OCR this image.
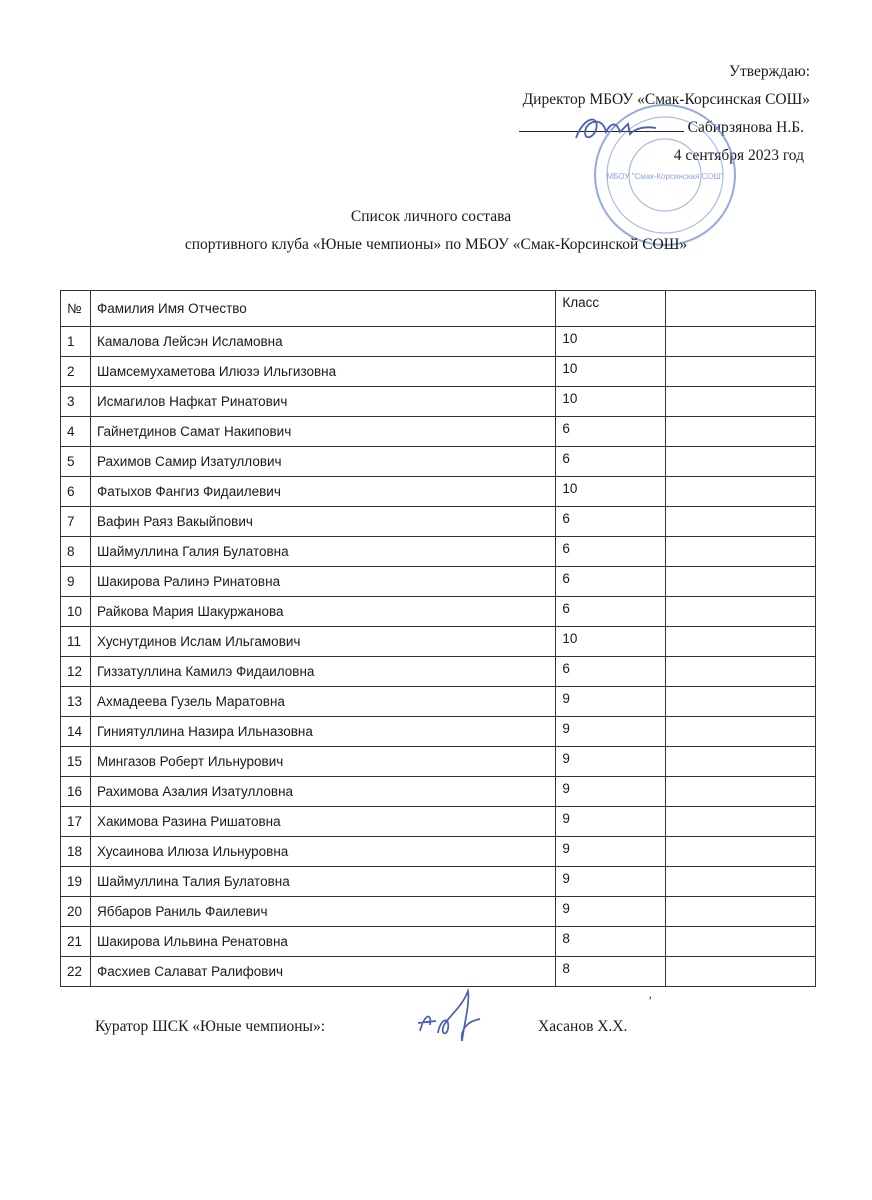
Утверждаю:
Директор МБОУ «Смак-Корсинская СОШ»
Сабирзянова Н.Б.
4 сентября 2023 год
МБОУ "Смак-Корсинская СОШ"
Список личного состава
спортивного клуба «Юные чемпионы» по МБОУ «Смак-Корсинской СОШ»
№	Фамилия Имя Отчество	Класс	
1	Камалова Лейсэн Исламовна	10	
2	Шамсемухаметова Илюзэ Ильгизовна	10	
3	Исмагилов Нафкат Ринатович	10	
4	Гайнетдинов Самат Накипович	6	
5	Рахимов Самир Изатуллович	6	
6	Фатыхов Фангиз Фидаилевич	10	
7	Вафин Раяз Вакыйпович	6	
8	Шаймуллина Галия Булатовна	6	
9	Шакирова Ралинэ Ринатовна	6	
10	Райкова Мария Шакуржанова	6	
11	Хуснутдинов Ислам Ильгамович	10	
12	Гиззатуллина Камилэ Фидаиловна	6	
13	Ахмадеева Гузель Маратовна	9	
14	Гиниятуллина Назира Ильназовна	9	
15	Мингазов Роберт Ильнурович	9	
16	Рахимова Азалия Изатулловна	9	
17	Хакимова Разина Ришатовна	9	
18	Хусаинова Илюза Ильнуровна	9	
19	Шаймуллина Талия Булатовна	9	
20	Яббаров Раниль Фаилевич	9	
21	Шакирова Ильвина Ренатовна	8	
22	Фасхиев Салават Ралифович	8	
Куратор ШСК «Юные чемпионы»:
ʼ
Хасанов Х.Х.
